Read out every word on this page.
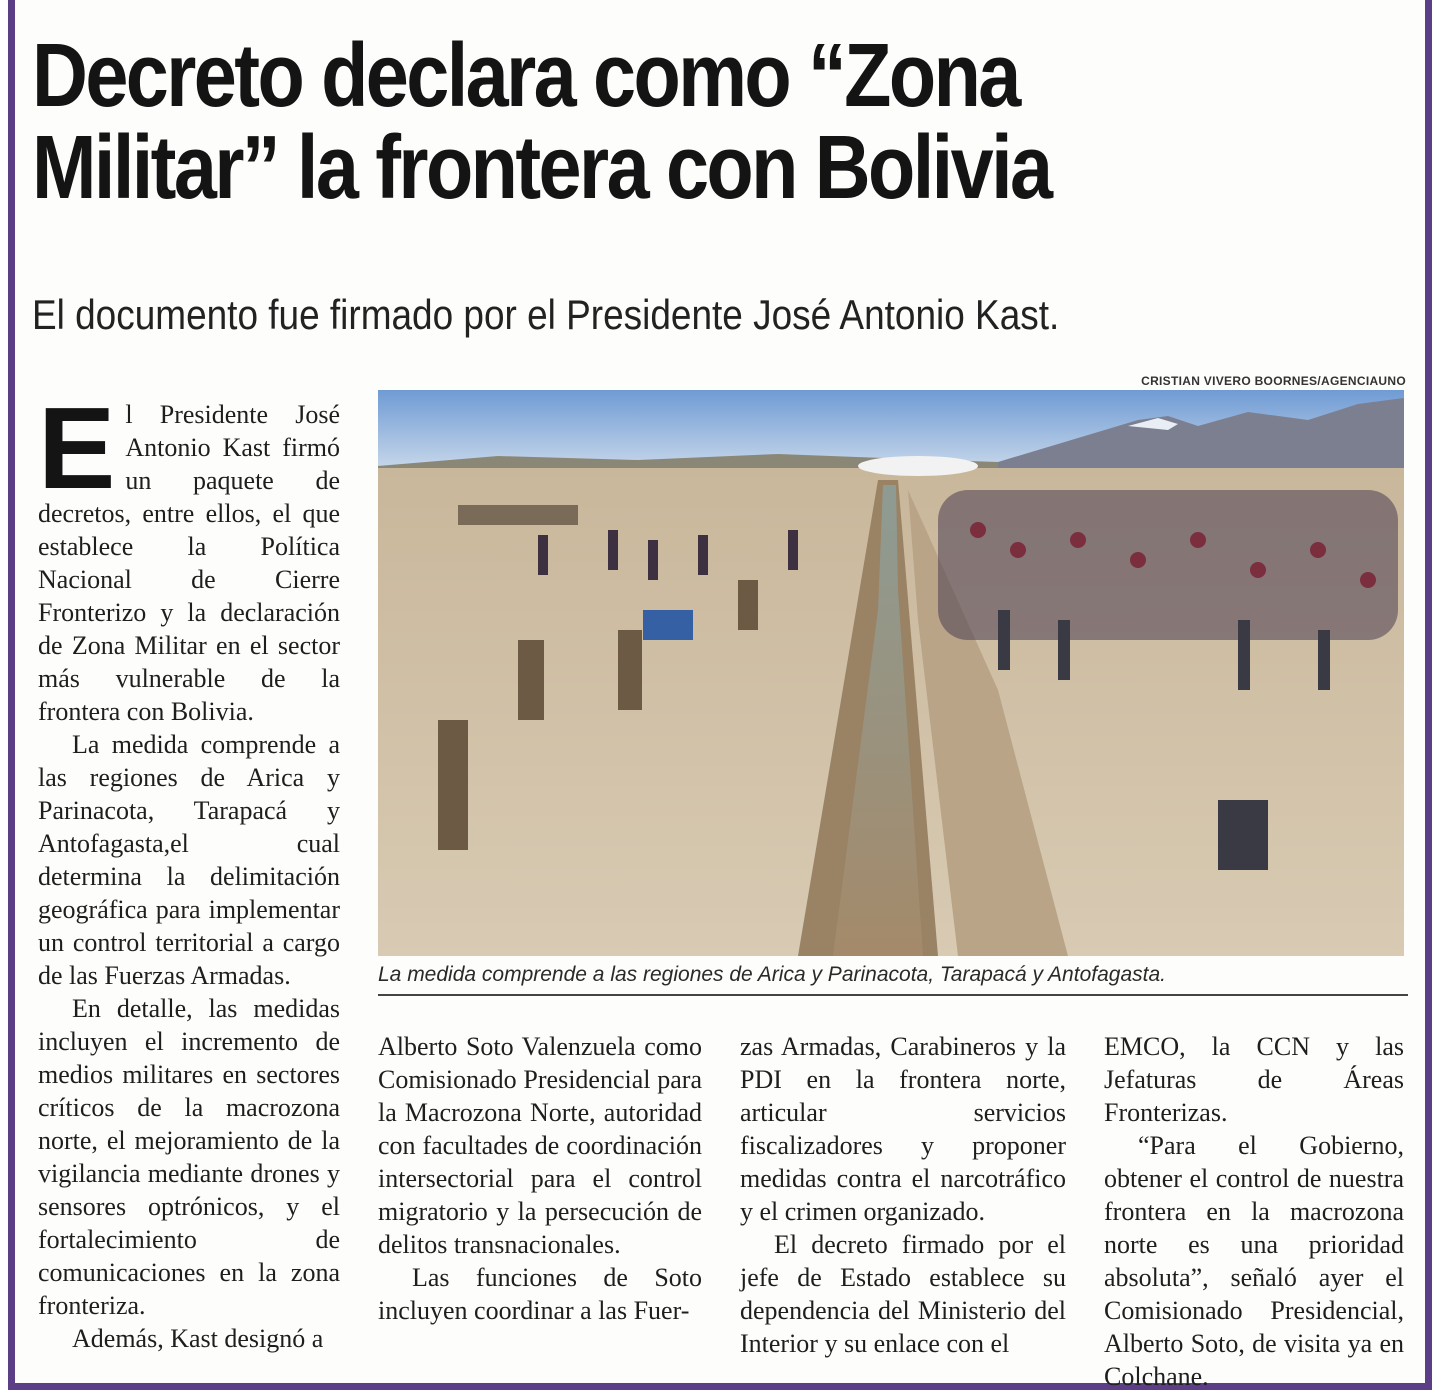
Decreto declara como “Zona
Militar” la frontera con Bolivia
El documento fue firmado por el Presidente José Antonio Kast.

El Presidente José Antonio Kast firmó un paquete de decretos, entre ellos, el que establece la Política Nacional de Cierre Fronterizo y la declaración de Zona Militar en el sector más vulnerable de la frontera con Bolivia.

La medida comprende a las regiones de Arica y Parinacota, Tarapacá y Antofagasta,el cual determina la delimitación geográfica para implementar un control territorial a cargo de las Fuerzas Armadas.

En detalle, las medidas incluyen el incremento de medios militares en sectores críticos de la macrozona norte, el mejoramiento de la vigilancia mediante drones y sensores optrónicos, y el fortalecimiento de comunicaciones en la zona fronteriza.

Además, Kast designó a

CRISTIAN VIVERO BOORNES/AGENCIAUNO
La medida comprende a las regiones de Arica y Parinacota, Tarapacá y Antofagasta.

Alberto Soto Valenzuela como Comisionado Presidencial para la Macrozona Norte, autoridad con facultades de coordinación intersectorial para el control migratorio y la persecución de delitos transnacionales.

Las funciones de Soto incluyen coordinar a las Fuer-

zas Armadas, Carabineros y la PDI en la frontera norte, articular servicios fiscalizadores y proponer medidas contra el narcotráfico y el crimen organizado.

El decreto firmado por el jefe de Estado establece su dependencia del Ministerio del Interior y su enlace con el

EMCO, la CCN y las Jefaturas de Áreas Fronterizas.

“Para el Gobierno, obtener el control de nuestra frontera en la macrozona norte es una prioridad absoluta”, señaló ayer el Comisionado Presidencial, Alberto Soto, de visita ya en Colchane.
